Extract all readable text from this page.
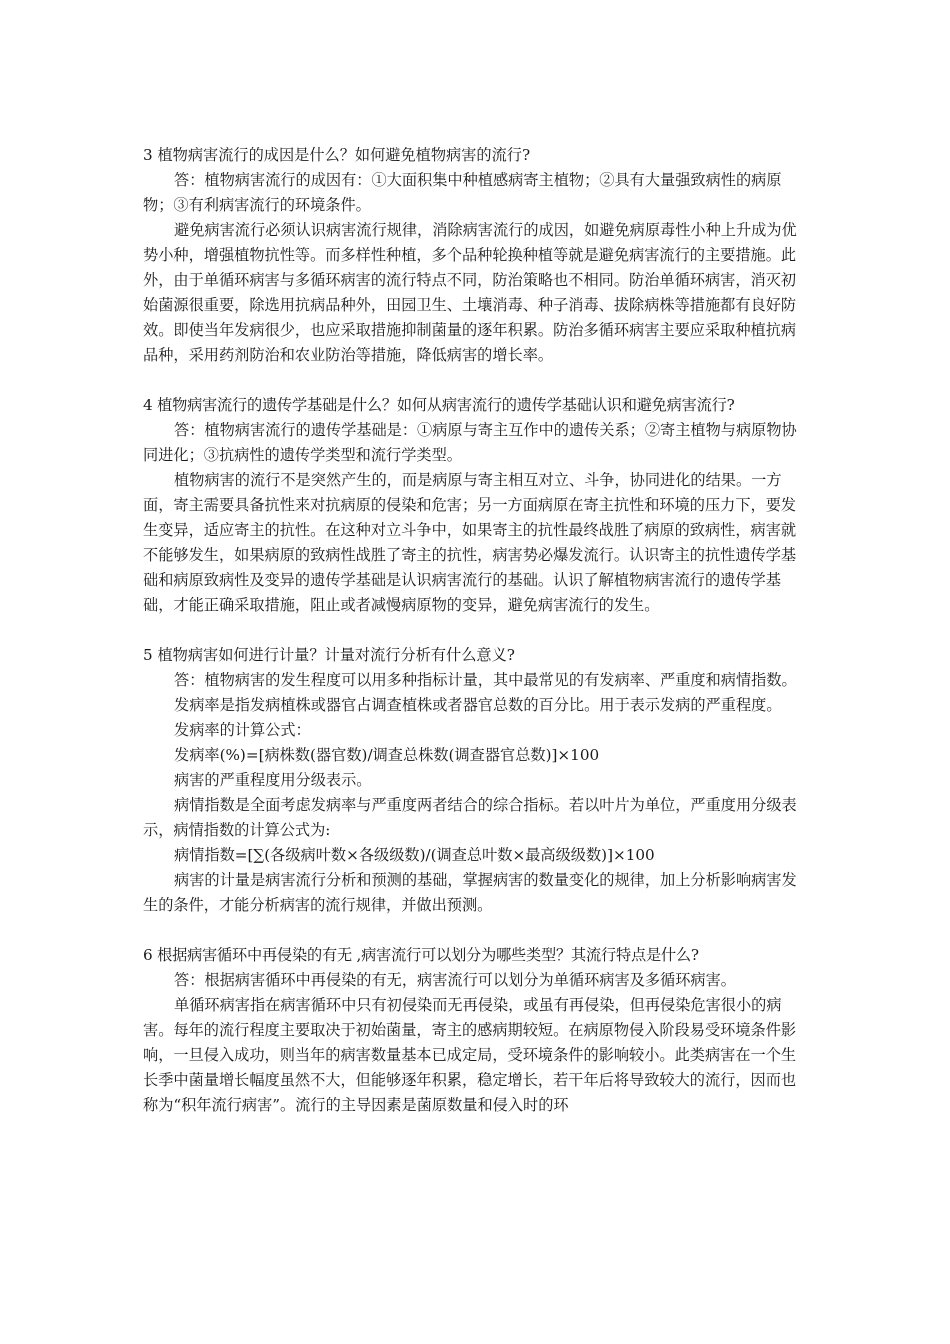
3 植物病害流行的成因是什么？如何避免植物病害的流行?

答：植物病害流行的成因有：①大面积集中种植感病寄主植物；②具有大量强致病性的病原物；③有利病害流行的环境条件。

避免病害流行必须认识病害流行规律，消除病害流行的成因，如避免病原毒性小种上升成为优势小种，增强植物抗性等。而多样性种植，多个品种轮换种植等就是避免病害流行的主要措施。此外，由于单循环病害与多循环病害的流行特点不同，防治策略也不相同。防治单循环病害，消灭初始菌源很重要，除选用抗病品种外，田园卫生、土壤消毒、种子消毒、拔除病株等措施都有良好防效。即使当年发病很少，也应采取措施抑制菌量的逐年积累。防治多循环病害主要应采取种植抗病品种，采用药剂防治和农业防治等措施，降低病害的增长率。

4 植物病害流行的遗传学基础是什么？如何从病害流行的遗传学基础认识和避免病害流行?

答：植物病害流行的遗传学基础是：①病原与寄主互作中的遗传关系；②寄主植物与病原物协同进化；③抗病性的遗传学类型和流行学类型。

植物病害的流行不是突然产生的，而是病原与寄主相互对立、斗争，协同进化的结果。一方面，寄主需要具备抗性来对抗病原的侵染和危害；另一方面病原在寄主抗性和环境的压力下，要发生变异，适应寄主的抗性。在这种对立斗争中，如果寄主的抗性最终战胜了病原的致病性，病害就不能够发生，如果病原的致病性战胜了寄主的抗性，病害势必爆发流行。认识寄主的抗性遗传学基础和病原致病性及变异的遗传学基础是认识病害流行的基础。认识了解植物病害流行的遗传学基础，才能正确采取措施，阻止或者减慢病原物的变异，避免病害流行的发生。

5 植物病害如何进行计量？计量对流行分析有什么意义?

答：植物病害的发生程度可以用多种指标计量，其中最常见的有发病率、严重度和病情指数。

发病率是指发病植株或器官占调查植株或者器官总数的百分比。用于表示发病的严重程度。

发病率的计算公式：

发病率(%)=[病株数(器官数)/调查总株数(调查器官总数)]×100

病害的严重程度用分级表示。

病情指数是全面考虑发病率与严重度两者结合的综合指标。若以叶片为单位，严重度用分级表示，病情指数的计算公式为:

病情指数=[∑(各级病叶数×各级级数)/(调查总叶数×最高级级数)]×100

病害的计量是病害流行分析和预测的基础，掌握病害的数量变化的规律，加上分析影响病害发生的条件，才能分析病害的流行规律，并做出预测。

6 根据病害循环中再侵染的有无 ,病害流行可以划分为哪些类型？其流行特点是什么?

答：根据病害循环中再侵染的有无，病害流行可以划分为单循环病害及多循环病害。

单循环病害指在病害循环中只有初侵染而无再侵染，或虽有再侵染，但再侵染危害很小的病害。每年的流行程度主要取决于初始菌量，寄主的感病期较短。在病原物侵入阶段易受环境条件影响，一旦侵入成功，则当年的病害数量基本已成定局，受环境条件的影响较小。此类病害在一个生长季中菌量增长幅度虽然不大，但能够逐年积累，稳定增长，若干年后将导致较大的流行，因而也称为“积年流行病害”。流行的主导因素是菌原数量和侵入时的环
